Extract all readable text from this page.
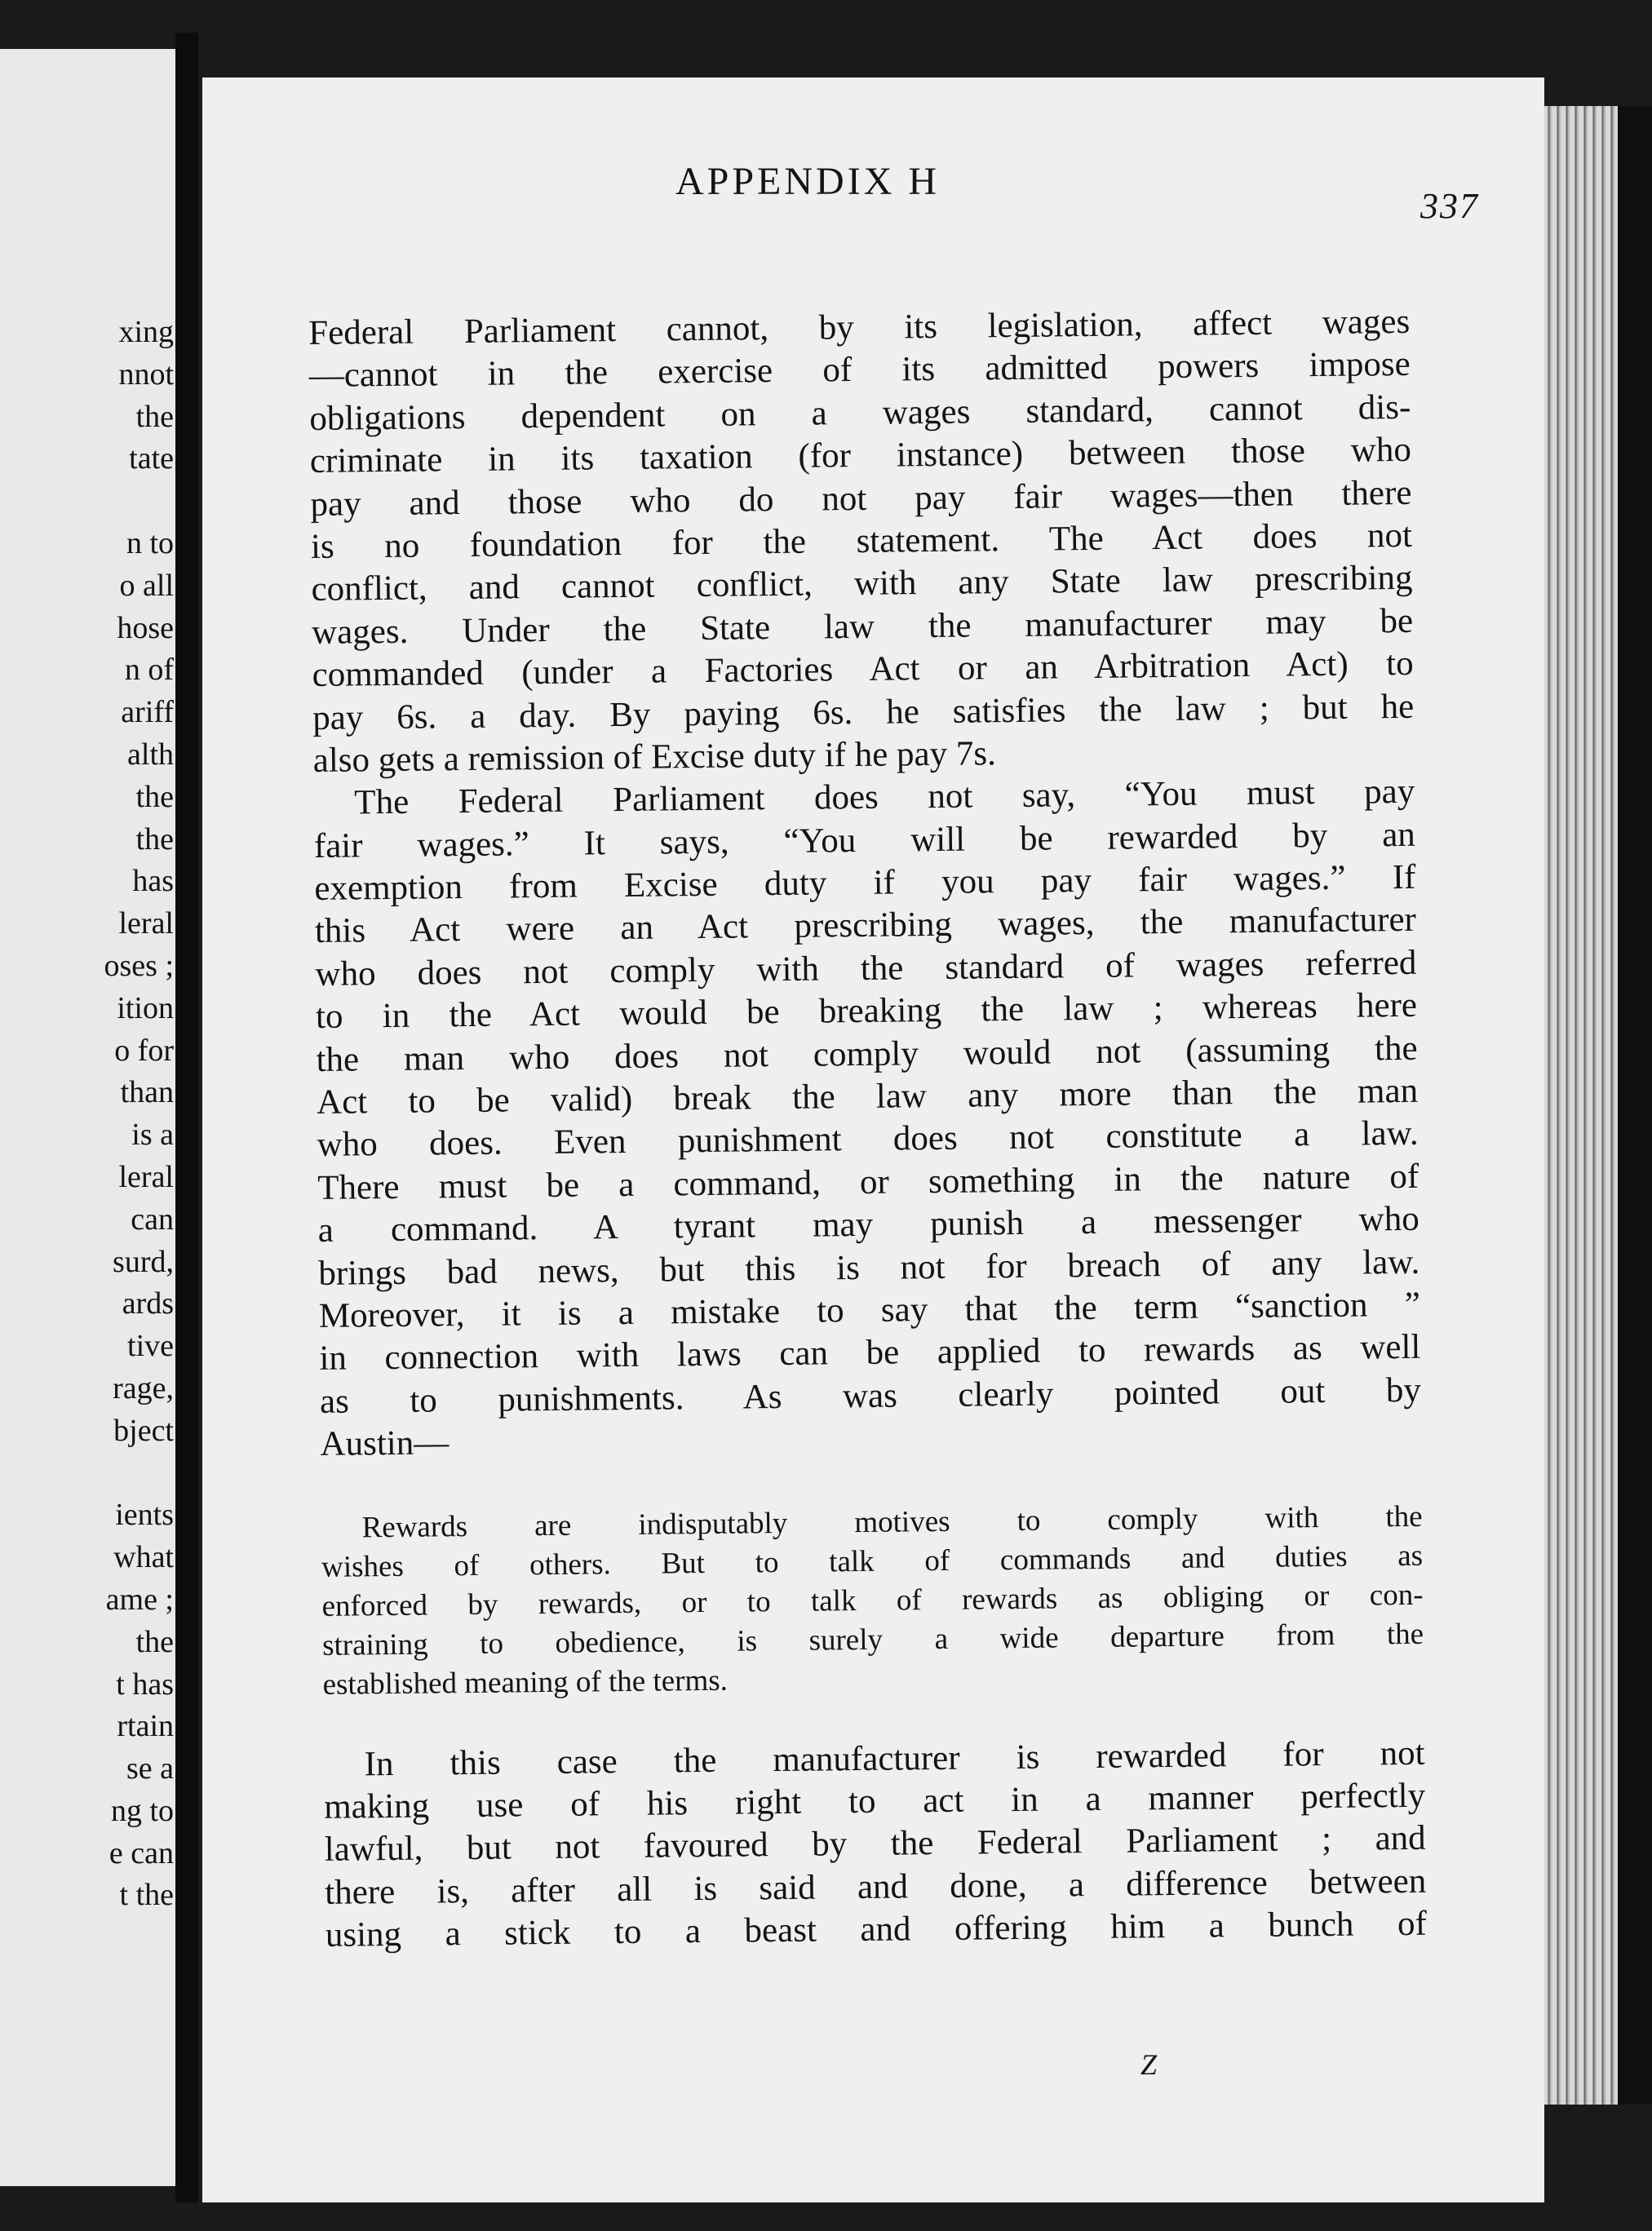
xing
nnot
the
tate
n to
o all
hose
n of
ariff
alth
the
the
has
leral
oses ;
ition
o for
than
is a
leral
can
surd,
ards
tive
rage,
bject
ients
what
ame ;
the
t has
rtain
se a
ng to
e can
t the
APPENDIX H
337
Federal Parliament cannot, by its legislation, affect wages
—cannot in the exercise of its admitted powers impose
obligations dependent on a wages standard, cannot dis-
criminate in its taxation (for instance) between those who
pay and those who do not pay fair wages—then there
is no foundation for the statement. The Act does not
conflict, and cannot conflict, with any State law prescribing
wages. Under the State law the manufacturer may be
commanded (under a Factories Act or an Arbitration Act) to
pay 6s. a day. By paying 6s. he satisfies the law ; but he
also gets a remission of Excise duty if he pay 7s.
The Federal Parliament does not say, “You must pay
fair wages.” It says, “You will be rewarded by an
exemption from Excise duty if you pay fair wages.” If
this Act were an Act prescribing wages, the manufacturer
who does not comply with the standard of wages referred
to in the Act would be breaking the law ; whereas here
the man who does not comply would not (assuming the
Act to be valid) break the law any more than the man
who does. Even punishment does not constitute a law.
There must be a command, or something in the nature of
a command. A tyrant may punish a messenger who
brings bad news, but this is not for breach of any law.
Moreover, it is a mistake to say that the term “sanction ”
in connection with laws can be applied to rewards as well
as to punishments. As was clearly pointed out by
Austin—
Rewards are indisputably motives to comply with the
wishes of others. But to talk of commands and duties as
enforced by rewards, or to talk of rewards as obliging or con-
straining to obedience, is surely a wide departure from the
established meaning of the terms.
In this case the manufacturer is rewarded for not
making use of his right to act in a manner perfectly
lawful, but not favoured by the Federal Parliament ; and
there is, after all is said and done, a difference between
using a stick to a beast and offering him a bunch of
Z
